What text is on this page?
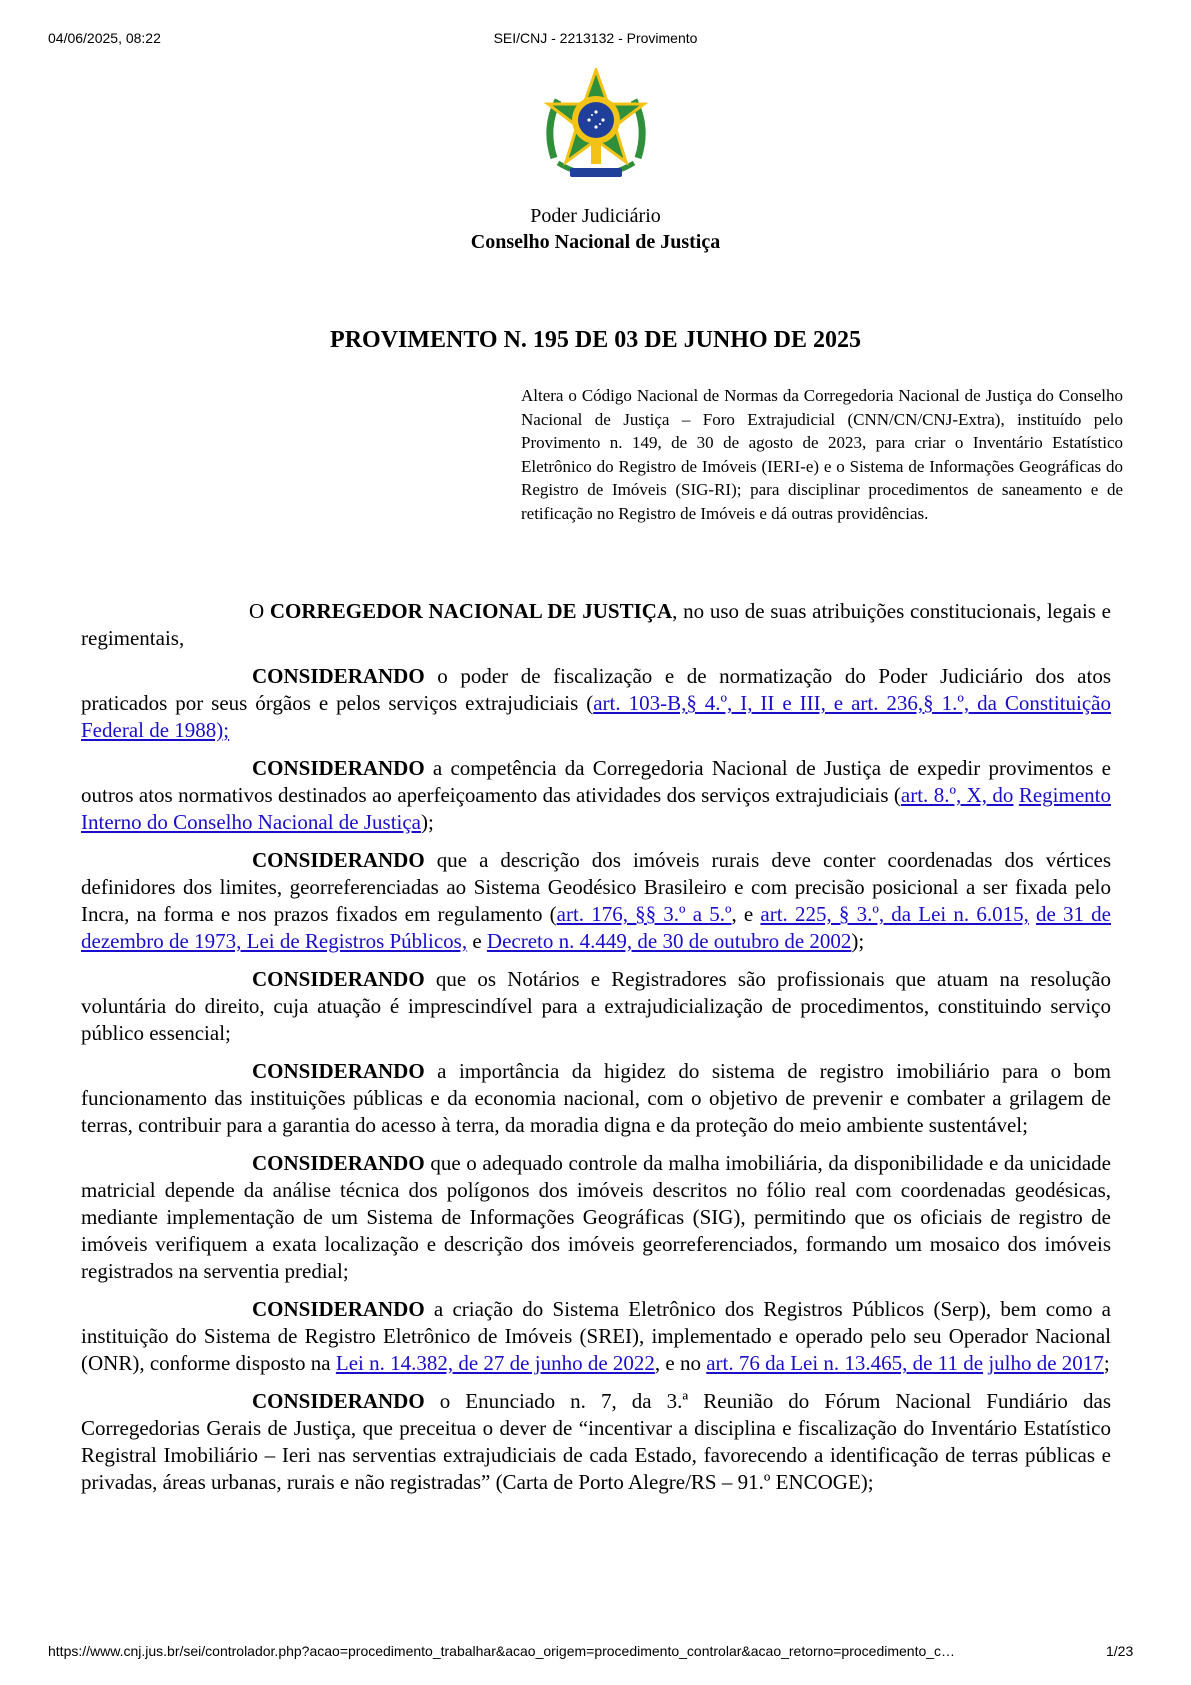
04/06/2025, 08:22	SEI/CNJ - 2213132 - Provimento
Poder Judiciário
Conselho Nacional de Justiça
PROVIMENTO N. 195 DE 03 DE JUNHO DE 2025
Altera o Código Nacional de Normas da Corregedoria Nacional de Justiça do Conselho Nacional de Justiça – Foro Extrajudicial (CNN/CN/CNJ-Extra), instituído pelo Provimento n. 149, de 30 de agosto de 2023, para criar o Inventário Estatístico Eletrônico do Registro de Imóveis (IERI-e) e o Sistema de Informações Geográficas do Registro de Imóveis (SIG-RI); para disciplinar procedimentos de saneamento e de retificação no Registro de Imóveis e dá outras providências.

O CORREGEDOR NACIONAL DE JUSTIÇA, no uso de suas atribuições constitucionais, legais e regimentais,

CONSIDERANDO o poder de fiscalização e de normatização do Poder Judiciário dos atos praticados por seus órgãos e pelos serviços extrajudiciais (art. 103-B,§ 4.º, I, II e III, e art. 236,§ 1.º, da Constituição Federal de 1988);

CONSIDERANDO a competência da Corregedoria Nacional de Justiça de expedir provimentos e outros atos normativos destinados ao aperfeiçoamento das atividades dos serviços extrajudiciais (art. 8.º, X, do Regimento Interno do Conselho Nacional de Justiça);

CONSIDERANDO que a descrição dos imóveis rurais deve conter coordenadas dos vértices definidores dos limites, georreferenciadas ao Sistema Geodésico Brasileiro e com precisão posicional a ser fixada pelo Incra, na forma e nos prazos fixados em regulamento (art. 176, §§ 3.º a 5.º, e art. 225, § 3.º, da Lei n. 6.015, de 31 de dezembro de 1973, Lei de Registros Públicos, e Decreto n. 4.449, de 30 de outubro de 2002);

CONSIDERANDO que os Notários e Registradores são profissionais que atuam na resolução voluntária do direito, cuja atuação é imprescindível para a extrajudicialização de procedimentos, constituindo serviço público essencial;

CONSIDERANDO a importância da higidez do sistema de registro imobiliário para o bom funcionamento das instituições públicas e da economia nacional, com o objetivo de prevenir e combater a grilagem de terras, contribuir para a garantia do acesso à terra, da moradia digna e da proteção do meio ambiente sustentável;

CONSIDERANDO que o adequado controle da malha imobiliária, da disponibilidade e da unicidade matricial depende da análise técnica dos polígonos dos imóveis descritos no fólio real com coordenadas geodésicas, mediante implementação de um Sistema de Informações Geográficas (SIG), permitindo que os oficiais de registro de imóveis verifiquem a exata localização e descrição dos imóveis georreferenciados, formando um mosaico dos imóveis registrados na serventia predial;

CONSIDERANDO a criação do Sistema Eletrônico dos Registros Públicos (Serp), bem como a instituição do Sistema de Registro Eletrônico de Imóveis (SREI), implementado e operado pelo seu Operador Nacional (ONR), conforme disposto na Lei n. 14.382, de 27 de junho de 2022, e no art. 76 da Lei n. 13.465, de 11 de julho de 2017;

CONSIDERANDO o Enunciado n. 7, da 3.ª Reunião do Fórum Nacional Fundiário das Corregedorias Gerais de Justiça, que preceitua o dever de “incentivar a disciplina e fiscalização do Inventário Estatístico Registral Imobiliário – Ieri nas serventias extrajudiciais de cada Estado, favorecendo a identificação de terras públicas e privadas, áreas urbanas, rurais e não registradas” (Carta de Porto Alegre/RS – 91.º ENCOGE);

https://www.cnj.jus.br/sei/controlador.php?acao=procedimento_trabalhar&acao_origem=procedimento_controlar&acao_retorno=procedimento_c…	1/23
